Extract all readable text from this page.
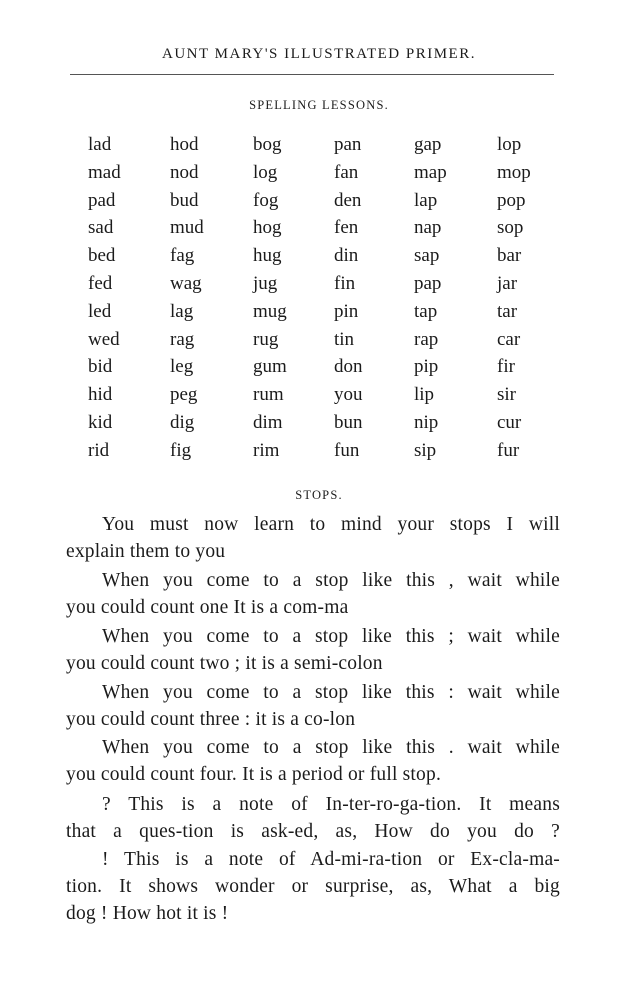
AUNT MARY'S ILLUSTRATED PRIMER.
SPELLING LESSONS.
lad
mad
pad
sad
bed
fed
led
wed
bid
hid
kid
rid
hod
nod
bud
mud
fag
wag
lag
rag
leg
peg
dig
fig
bog
log
fog
hog
hug
jug
mug
rug
gum
rum
dim
rim
pan
fan
den
fen
din
fin
pin
tin
don
you
bun
fun
gap
map
lap
nap
sap
pap
tap
rap
pip
lip
nip
sip
lop
mop
pop
sop
bar
jar
tar
car
fir
sir
cur
fur
STOPS.
You must now learn to mind your stops I will
explain them to you
When you come to a stop like this , wait while
you could count one It is a com-ma
When you come to a stop like this ; wait while
you could count two ; it is a semi-colon
When you come to a stop like this : wait while
you could count three : it is a co-lon
When you come to a stop like this . wait while
you could count four. It is a period or full stop.
? This is a note of In-ter-ro-ga-tion. It means
that a ques-tion is ask-ed, as, How do you do ?
! This is a note of Ad-mi-ra-tion or Ex-cla-ma-
tion. It shows wonder or surprise, as, What a big
dog ! How hot it is !
